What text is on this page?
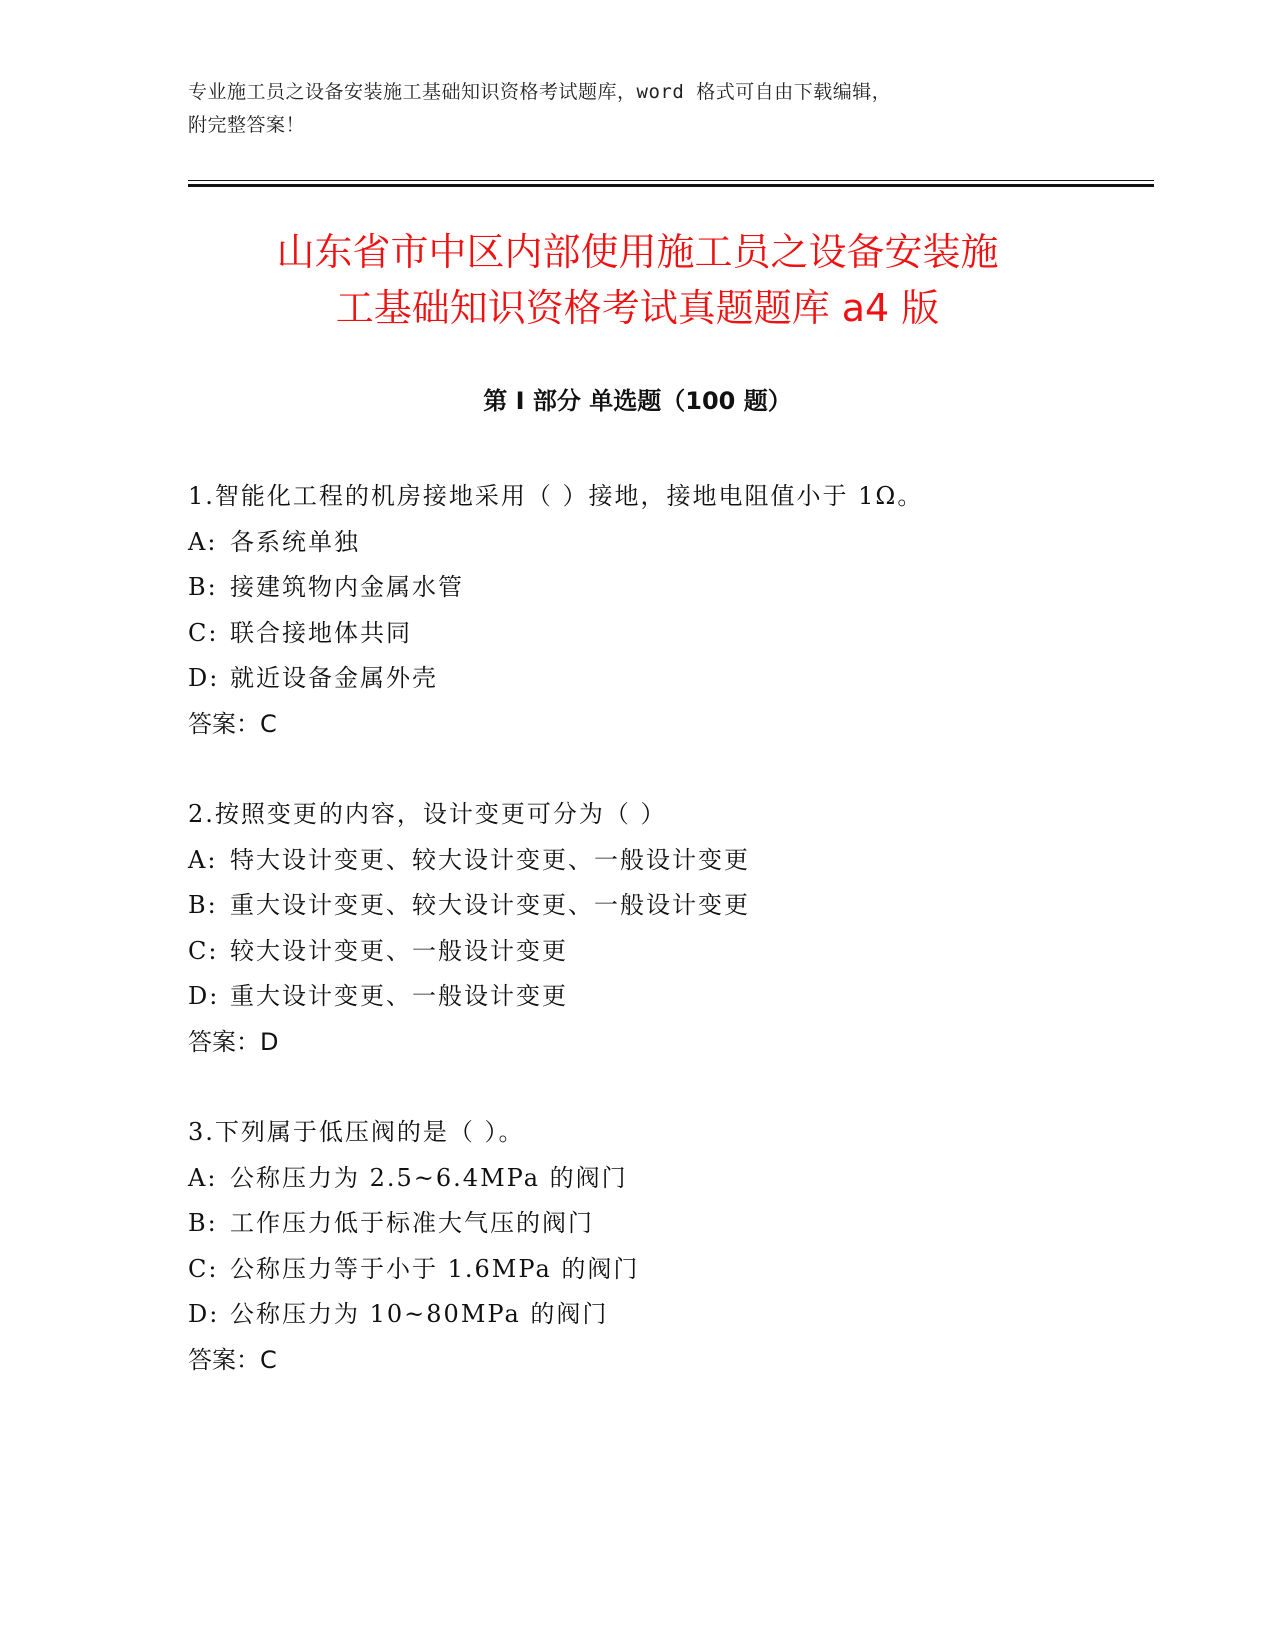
专业施工员之设备安装施工基础知识资格考试题库，word 格式可自由下载编辑，
附完整答案！
山东省市中区内部使用施工员之设备安装施
工基础知识资格考试真题题库 a4 版
第 I 部分 单选题（100 题）
1.智能化工程的机房接地采用（ ）接地，接地电阻值小于 1Ω。
A: 各系统单独
B: 接建筑物内金属水管
C: 联合接地体共同
D: 就近设备金属外壳
答案：C
2.按照变更的内容，设计变更可分为（ ）
A: 特大设计变更、较大设计变更、一般设计变更
B: 重大设计变更、较大设计变更、一般设计变更
C: 较大设计变更、一般设计变更
D: 重大设计变更、一般设计变更
答案：D
3.下列属于低压阀的是（ ）。
A: 公称压力为 2.5~6.4MPa 的阀门
B: 工作压力低于标准大气压的阀门
C: 公称压力等于小于 1.6MPa 的阀门
D: 公称压力为 10~80MPa 的阀门
答案：C
